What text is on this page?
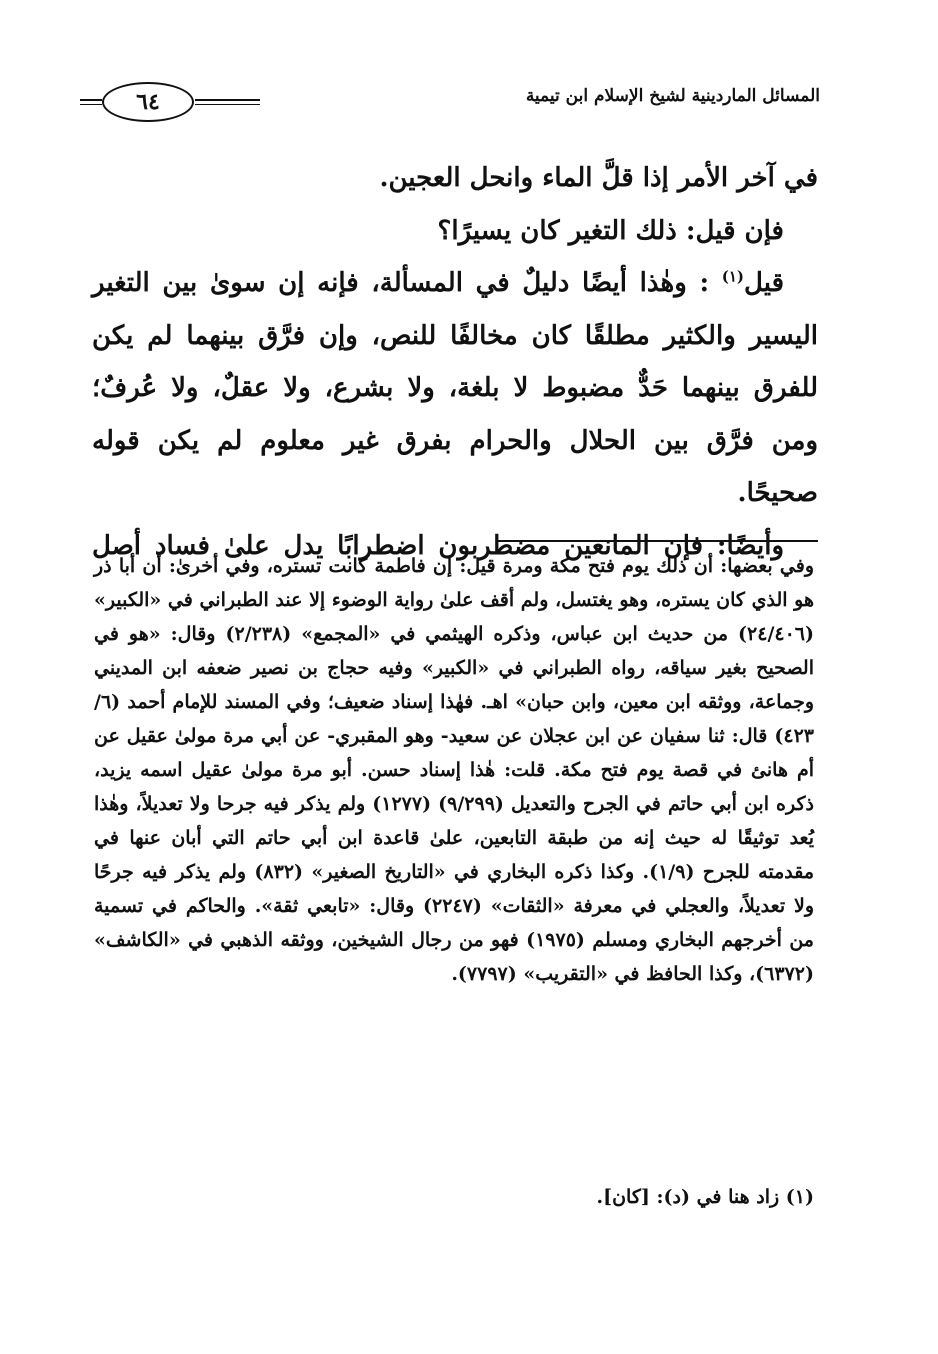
٦٤	المسائل الماردينية لشيخ الإسلام ابن تيمية

في آخر الأمر إذا قلَّ الماء وانحل العجين.

فإن قيل: ذلك التغير كان يسيرًا؟

قيل$^{(١)}$ : وهٰذا أيضًا دليلٌ في المسألة، فإنه إن سوىٰ بين التغير اليسير والكثير مطلقًا كان مخالفًا للنص، وإن فرَّق بينهما لم يكن للفرق بينهما حَدٌّ مضبوط لا بلغة، ولا بشرع، ولا عقلٌ، ولا عُرفٌ؛ ومن فرَّق بين الحلال والحرام بفرق غير معلوم لم يكن قوله صحيحًا.

وأيضًا: فإن المانعين مضطربون اضطرابًا يدل علىٰ فساد أصل

وفي بعضها: أن ذلك يوم فتح مكة ومرة قيل: إن فاطمة كانت تستره، وفي أخرىٰ: أن أبا ذر هو الذي كان يستره، وهو يغتسل، ولم أقف علىٰ رواية الوضوء إلا عند الطبراني في «الكبير» (٢٤/٤٠٦) من حديث ابن عباس، وذكره الهيثمي في «المجمع» (٢/٢٣٨) وقال: «هو في الصحيح بغير سياقه، رواه الطبراني في «الكبير» وفيه حجاج بن نصير ضعفه ابن المديني وجماعة، ووثقه ابن معين، وابن حبان» اهـ. فهٰذا إسناد ضعيف؛ وفي المسند للإمام أحمد (٦/ ٤٢٣) قال: ثنا سفيان عن ابن عجلان عن سعيد- وهو المقبري- عن أبي مرة مولىٰ عقيل عن أم هانئ في قصة يوم فتح مكة. قلت: هٰذا إسناد حسن. أبو مرة مولىٰ عقيل اسمه يزيد، ذكره ابن أبي حاتم في الجرح والتعديل (٩/٢٩٩) (١٢٧٧) ولم يذكر فيه جرحا ولا تعديلاً، وهٰذا يُعد توثيقًا له حيث إنه من طبقة التابعين، علىٰ قاعدة ابن أبي حاتم التي أبان عنها في مقدمته للجرح (١/٩). وكذا ذكره البخاري في «التاريخ الصغير» (٨٣٢) ولم يذكر فيه جرحًا ولا تعديلاً، والعجلي في معرفة «الثقات» (٢٢٤٧) وقال: «تابعي ثقة». والحاكم في تسمية من أخرجهم البخاري ومسلم (١٩٧٥) فهو من رجال الشيخين، ووثقه الذهبي في «الكاشف» (٦٣٧٢)، وكذا الحافظ في «التقريب» (٧٧٩٧).

(١) زاد هنا في (د): [كان].
